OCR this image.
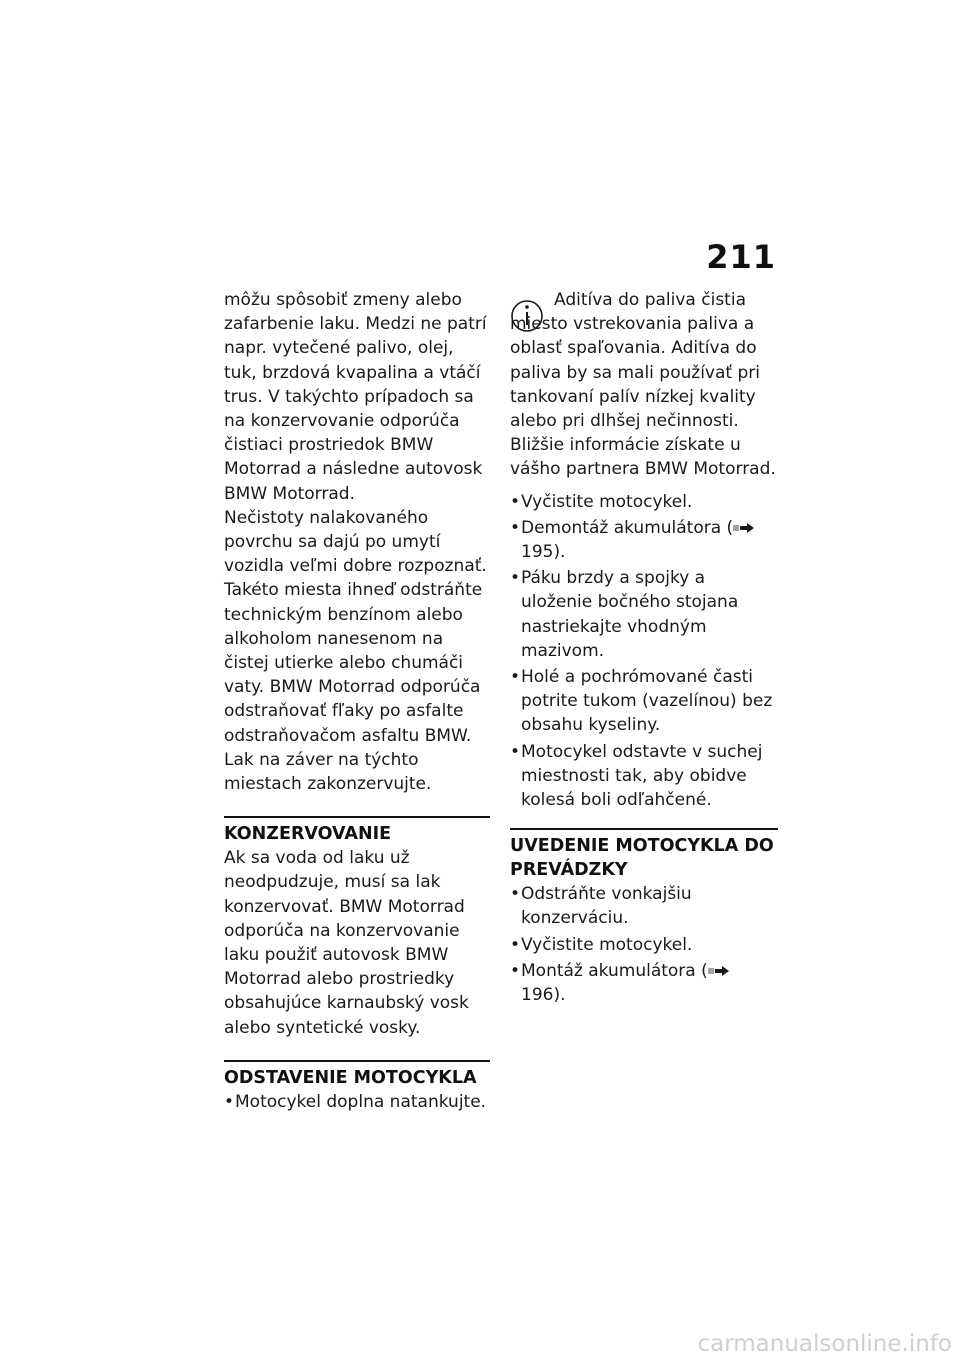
211

môžu spôsobiť zmeny alebo zafarbenie laku. Medzi ne patrí napr. vytečené palivo, olej, tuk, brzdová kvapalina a vtáčí trus. V takýchto prípadoch sa na konzervovanie odporúča čistiaci prostriedok BMW Motorrad a následne autovosk BMW Motorrad.

Nečistoty nalakovaného povrchu sa dajú po umytí vozidla veľmi dobre rozpoznať. Takéto miesta ihneď odstráňte technickým benzínom alebo alkoholom nanesenom na čistej utierke alebo chumáči vaty. BMW Motorrad odporúča odstraňovať fľaky po asfalte odstraňovačom asfaltu BMW. Lak na záver na týchto miestach zakonzervujte.

KONZERVOVANIE

Ak sa voda od laku už neodpudzuje, musí sa lak konzervovať. BMW Motorrad odporúča na konzervovanie laku použiť autovosk BMW Motorrad alebo prostriedky obsahujúce karnaubský vosk alebo syntetické vosky.

ODSTAVENIE MOTOCYKLA

• Motocykel doplna natankujte.

Aditíva do paliva čistia miesto vstrekovania paliva a oblasť spaľovania. Aditíva do paliva by sa mali používať pri tankovaní palív nízkej kvality alebo pri dlhšej nečinnosti. Bližšie informácie získate u vášho partnera BMW Motorrad.

• Vyčistite motocykel.
• Demontáž akumulátora ( 195).
• Páku brzdy a spojky a uloženie bočného stojana nastriekajte vhodným mazivom.
• Holé a pochrómované časti potrite tukom (vazelínou) bez obsahu kyseliny.
• Motocykel odstavte v suchej miestnosti tak, aby obidve kolesá boli odľahčené.

UVEDENIE MOTOCYKLA DO PREVÁDZKY

• Odstráňte vonkajšiu konzerváciu.
• Vyčistite motocykel.
• Montáž akumulátora ( 196).
carmanualsonline.info
